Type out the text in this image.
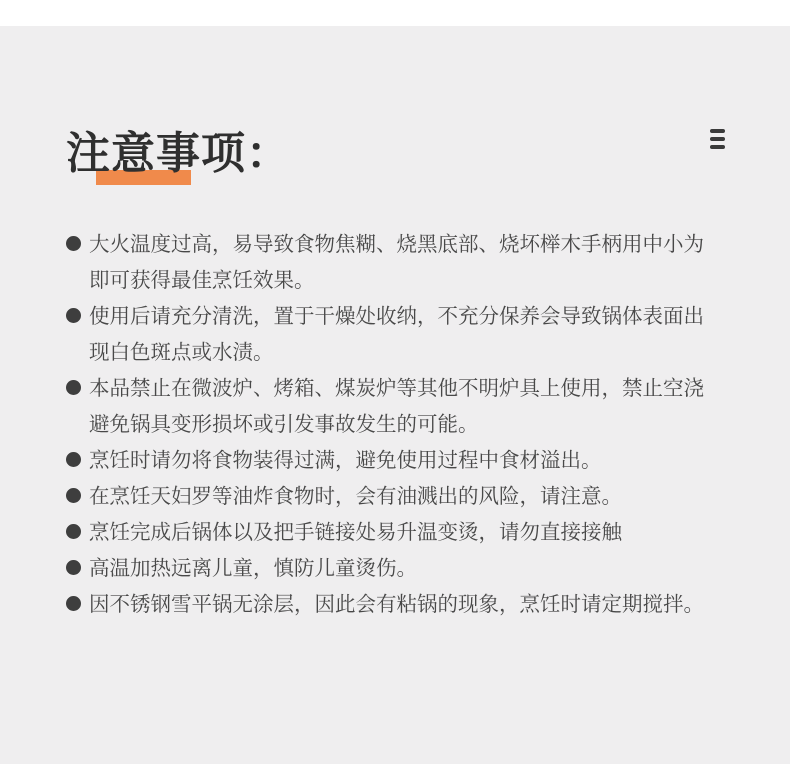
注意事项：
大火温度过高，易导致食物焦糊、烧黑底部、烧坏榉木手柄用中小为即可获得最佳烹饪效果。
使用后请充分清洗，置于干燥处收纳，不充分保养会导致锅体表面出现白色斑点或水渍。
本品禁止在微波炉、烤箱、煤炭炉等其他不明炉具上使用，禁止空浇避免锅具变形损坏或引发事故发生的可能。
烹饪时请勿将食物装得过满，避免使用过程中食材溢出。
在烹饪天妇罗等油炸食物时，会有油溅出的风险，请注意。
烹饪完成后锅体以及把手链接处易升温变烫，请勿直接接触
高温加热远离儿童，慎防儿童烫伤。
因不锈钢雪平锅无涂层，因此会有粘锅的现象，烹饪时请定期搅拌。
